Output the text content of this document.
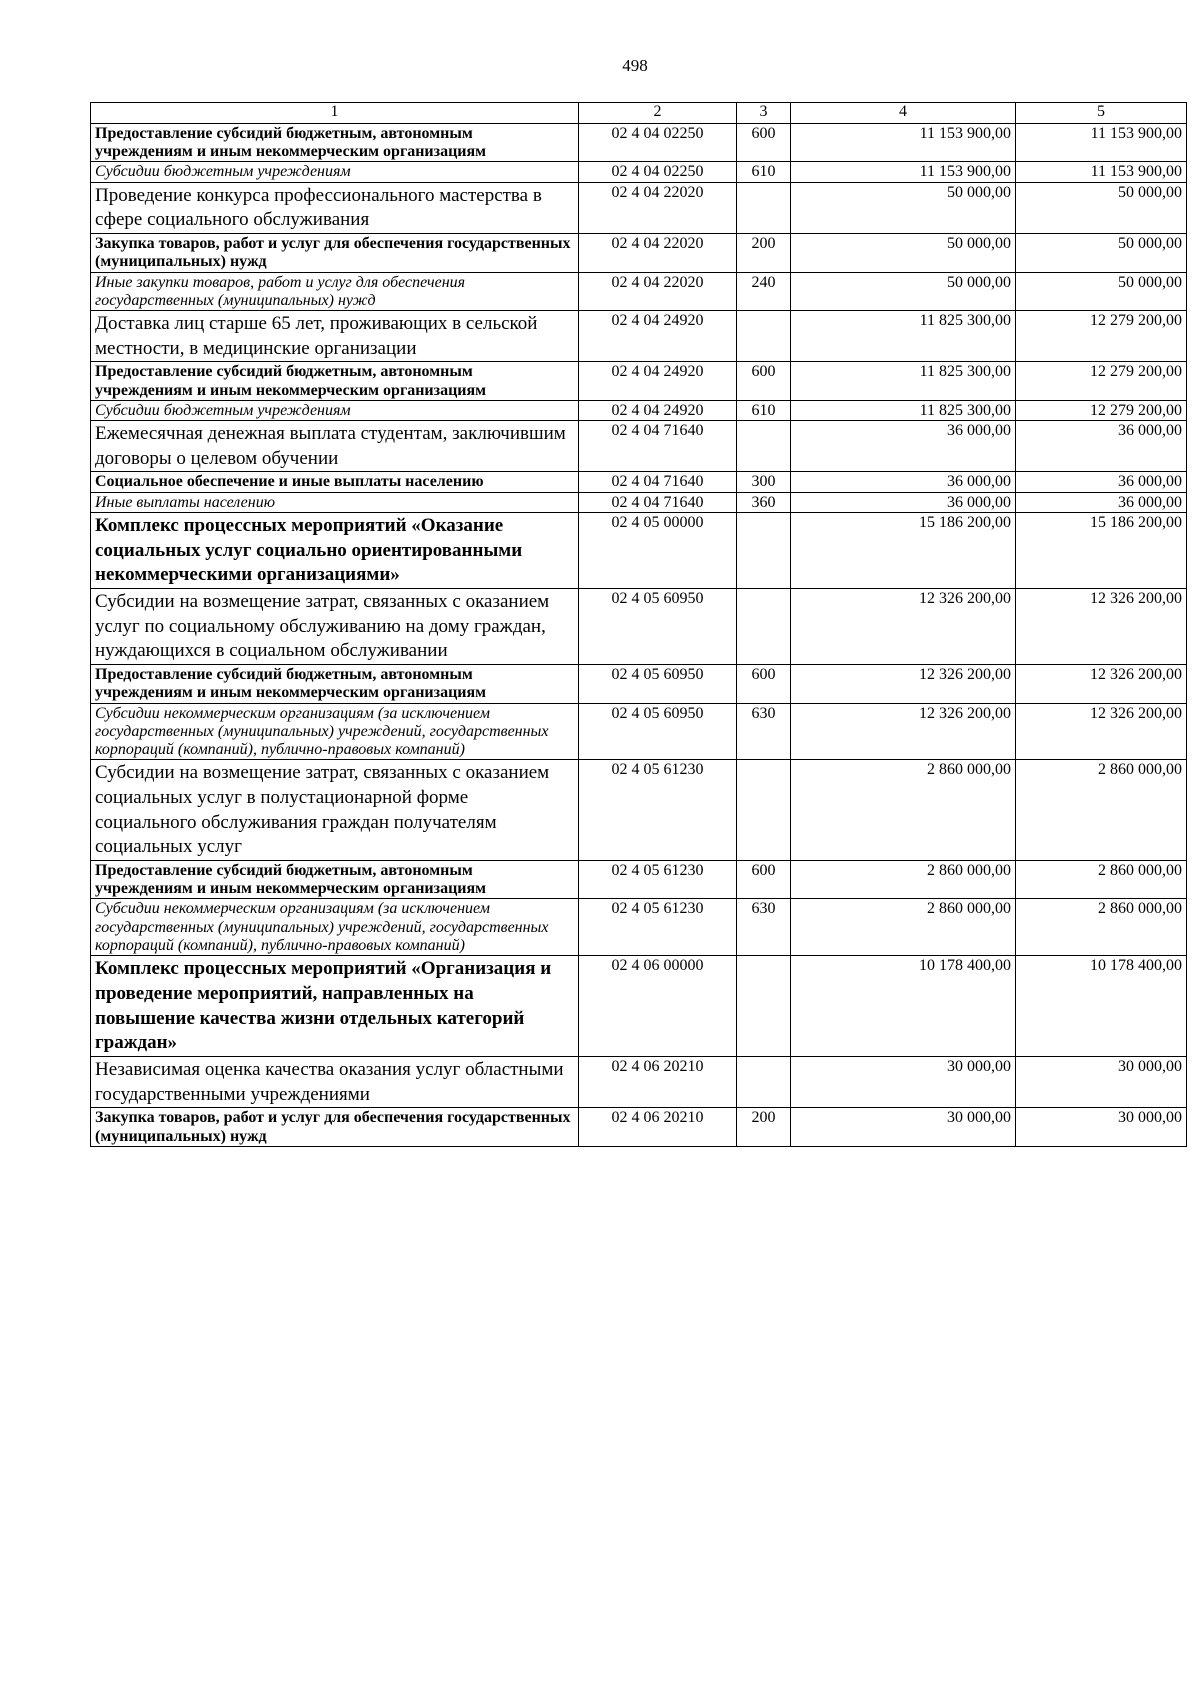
498
1	2	3	4	5
Предоставление субсидий бюджетным, автономным учреждениям и иным некоммерческим организациям	02 4 04 02250	600	11 153 900,00	11 153 900,00
Субсидии бюджетным учреждениям	02 4 04 02250	610	11 153 900,00	11 153 900,00
Проведение конкурса профессионального мастерства в сфере социального обслуживания	02 4 04 22020		50 000,00	50 000,00
Закупка товаров, работ и услуг для обеспечения государственных (муниципальных) нужд	02 4 04 22020	200	50 000,00	50 000,00
Иные закупки товаров, работ и услуг для обеспечения государственных (муниципальных) нужд	02 4 04 22020	240	50 000,00	50 000,00
Доставка лиц старше 65 лет, проживающих в сельской местности, в медицинские организации	02 4 04 24920		11 825 300,00	12 279 200,00
Предоставление субсидий бюджетным, автономным учреждениям и иным некоммерческим организациям	02 4 04 24920	600	11 825 300,00	12 279 200,00
Субсидии бюджетным учреждениям	02 4 04 24920	610	11 825 300,00	12 279 200,00
Ежемесячная денежная выплата студентам, заключившим договоры о целевом обучении	02 4 04 71640		36 000,00	36 000,00
Социальное обеспечение и иные выплаты населению	02 4 04 71640	300	36 000,00	36 000,00
Иные выплаты населению	02 4 04 71640	360	36 000,00	36 000,00
Комплекс процессных мероприятий «Оказание социальных услуг социально ориентированными некоммерческими организациями»	02 4 05 00000		15 186 200,00	15 186 200,00
Субсидии на возмещение затрат, связанных с оказанием услуг по социальному обслуживанию на дому граждан, нуждающихся в социальном обслуживании	02 4 05 60950		12 326 200,00	12 326 200,00
Предоставление субсидий бюджетным, автономным учреждениям и иным некоммерческим организациям	02 4 05 60950	600	12 326 200,00	12 326 200,00
Субсидии некоммерческим организациям (за исключением государственных (муниципальных) учреждений, государственных корпораций (компаний), публично-правовых компаний)	02 4 05 60950	630	12 326 200,00	12 326 200,00
Субсидии на возмещение затрат, связанных с оказанием социальных услуг в полустационарной форме социального обслуживания граждан получателям социальных услуг	02 4 05 61230		2 860 000,00	2 860 000,00
Предоставление субсидий бюджетным, автономным учреждениям и иным некоммерческим организациям	02 4 05 61230	600	2 860 000,00	2 860 000,00
Субсидии некоммерческим организациям (за исключением государственных (муниципальных) учреждений, государственных корпораций (компаний), публично-правовых компаний)	02 4 05 61230	630	2 860 000,00	2 860 000,00
Комплекс процессных мероприятий «Организация и проведение мероприятий, направленных на повышение качества жизни отдельных категорий граждан»	02 4 06 00000		10 178 400,00	10 178 400,00
Независимая оценка качества оказания услуг областными государственными учреждениями	02 4 06 20210		30 000,00	30 000,00
Закупка товаров, работ и услуг для обеспечения государственных (муниципальных) нужд	02 4 06 20210	200	30 000,00	30 000,00
